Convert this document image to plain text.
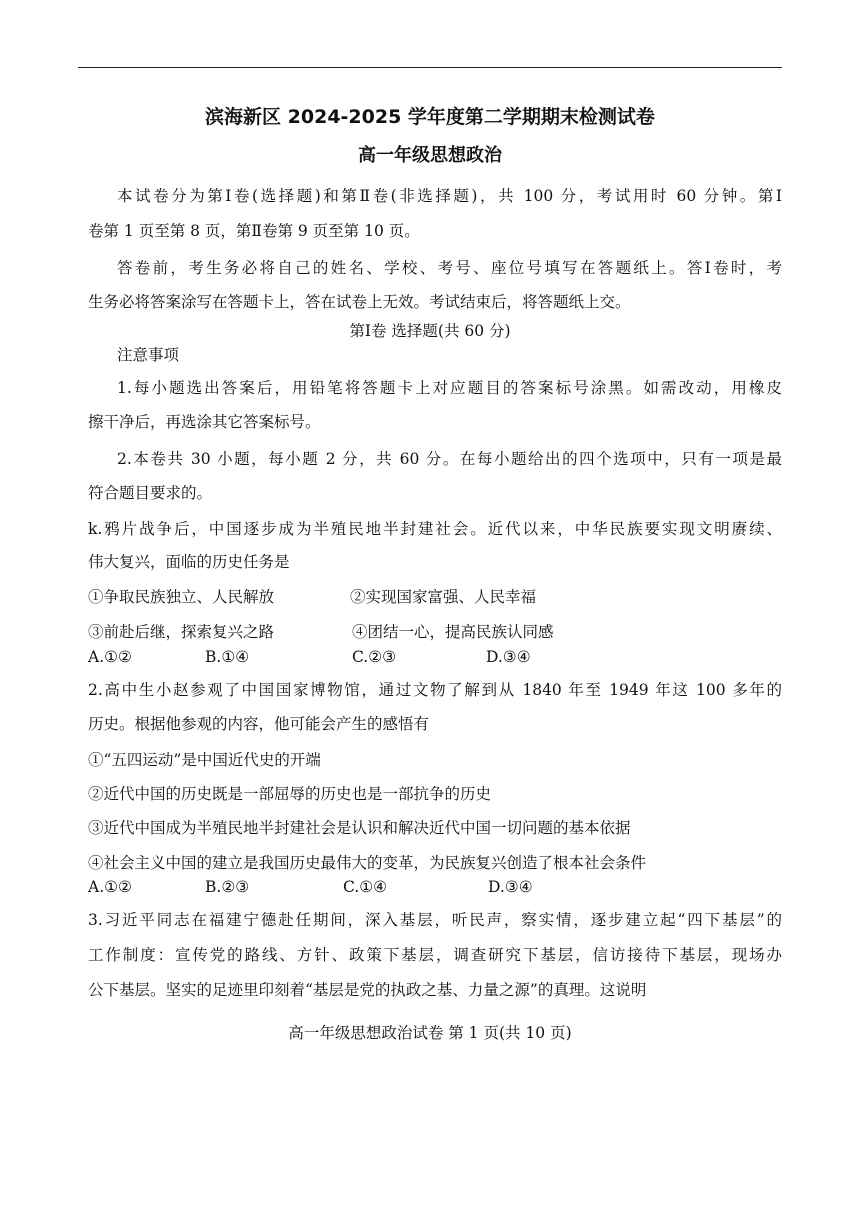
滨海新区 2024-2025 学年度第二学期期末检测试卷
高一年级思想政治
本试卷分为第Ⅰ卷(选择题)和第Ⅱ卷(非选择题)，共 100 分，考试用时 60 分钟。第Ⅰ
卷第 1 页至第 8 页，第Ⅱ卷第 9 页至第 10 页。
答卷前，考生务必将自己的姓名、学校、考号、座位号填写在答题纸上。答Ⅰ卷时，考
生务必将答案涂写在答题卡上，答在试卷上无效。考试结束后，将答题纸上交。
第Ⅰ卷 选择题(共 60 分)
注意事项
1.每小题选出答案后，用铅笔将答题卡上对应题目的答案标号涂黑。如需改动，用橡皮
擦干净后，再选涂其它答案标号。
2.本卷共 30 小题，每小题 2 分，共 60 分。在每小题给出的四个选项中，只有一项是最
符合题目要求的。
k.鸦片战争后，中国逐步成为半殖民地半封建社会。近代以来，中华民族要实现文明赓续、
伟大复兴，面临的历史任务是
①争取民族独立、人民解放	②实现国家富强、人民幸福
③前赴后继，探索复兴之路	④团结一心，提高民族认同感
A.①②	B.①④	C.②③	D.③④
2.高中生小赵参观了中国国家博物馆，通过文物了解到从 1840 年至 1949 年这 100 多年的
历史。根据他参观的内容，他可能会产生的感悟有
①“五四运动”是中国近代史的开端
②近代中国的历史既是一部屈辱的历史也是一部抗争的历史
③近代中国成为半殖民地半封建社会是认识和解决近代中国一切问题的基本依据
④社会主义中国的建立是我国历史最伟大的变革，为民族复兴创造了根本社会条件
A.①②	B.②③	C.①④	D.③④
3.习近平同志在福建宁德赴任期间，深入基层，听民声，察实情，逐步建立起“四下基层”的
工作制度：宣传党的路线、方针、政策下基层，调查研究下基层，信访接待下基层，现场办
公下基层。坚实的足迹里印刻着“基层是党的执政之基、力量之源”的真理。这说明
高一年级思想政治试卷 第 1 页(共 10 页)
